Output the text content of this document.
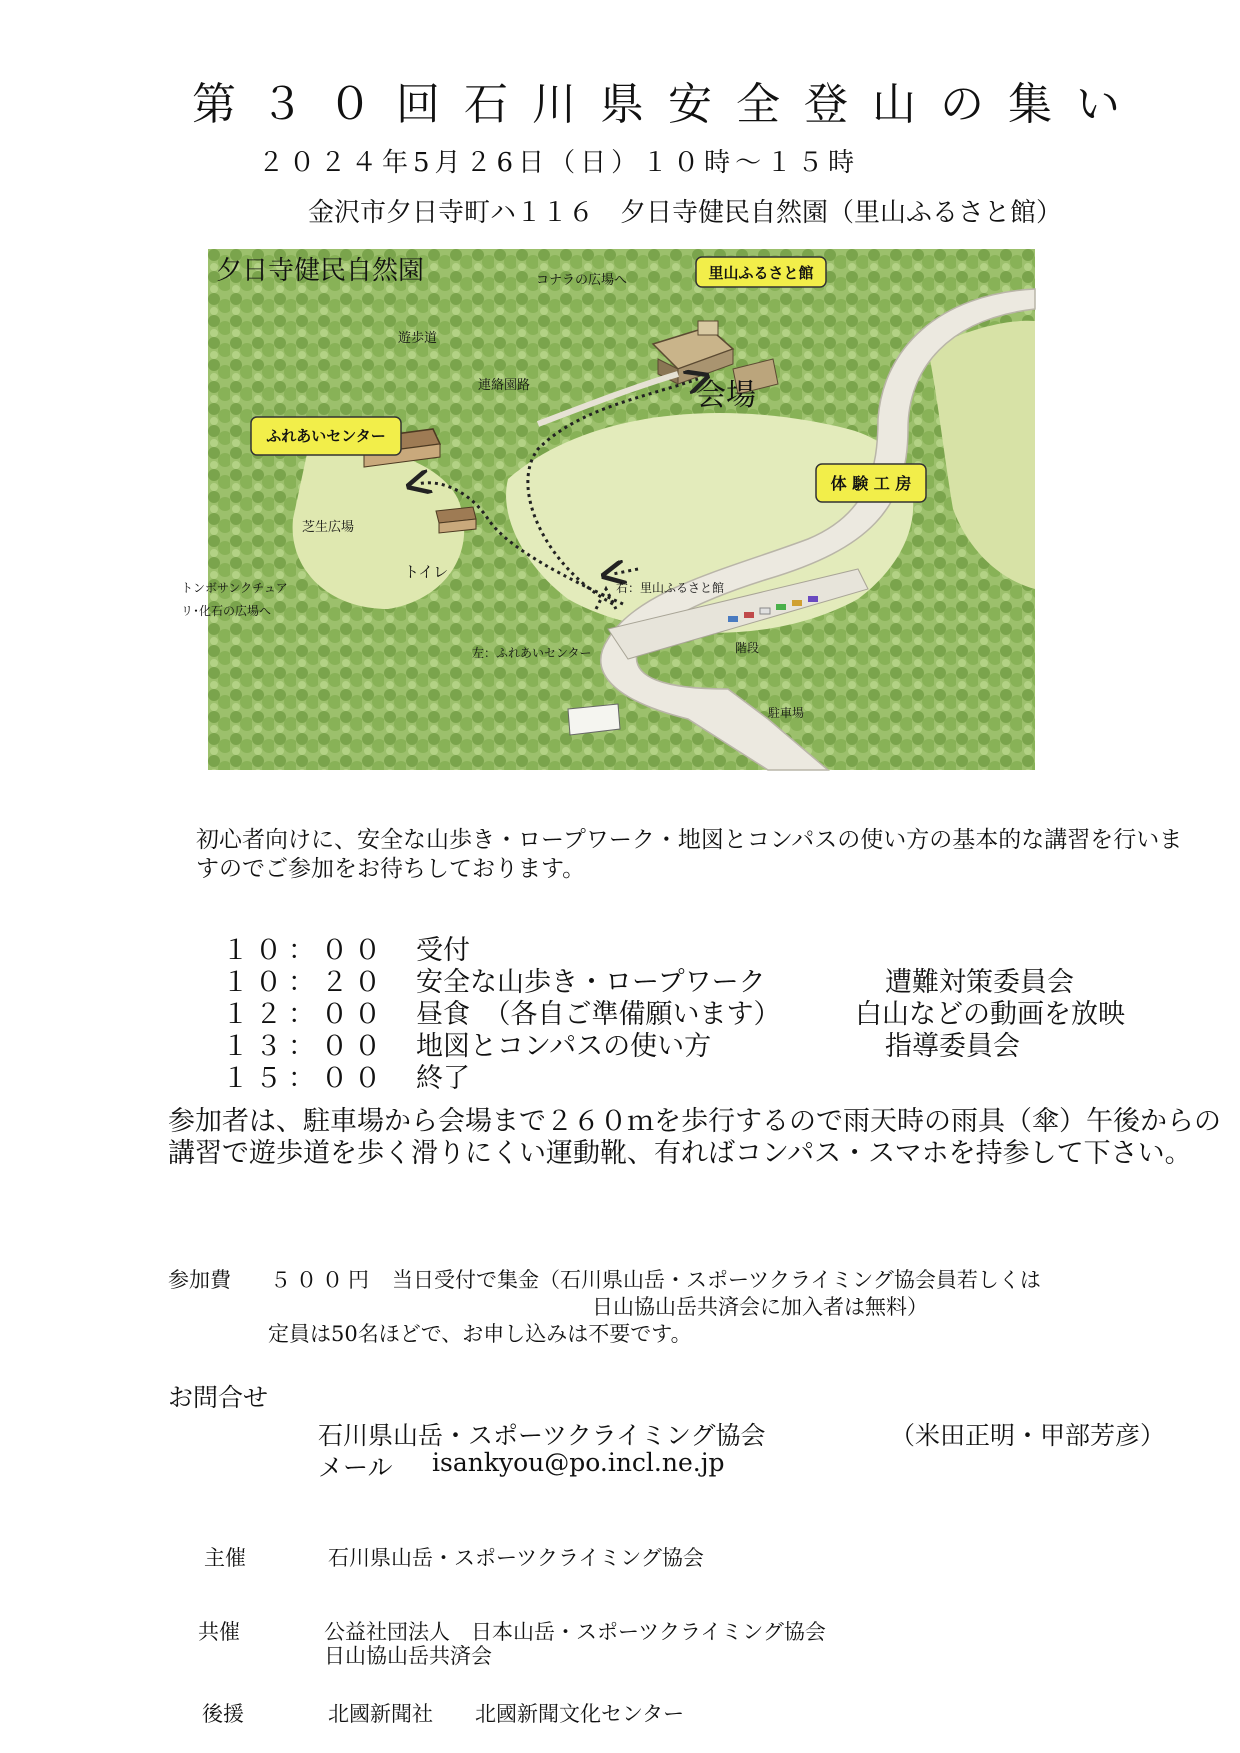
第３０回石川県安全登山の集い
２０２４年5月２6日（日）１０時～１５時
金沢市夕日寺町ハ１１６　夕日寺健民自然園（里山ふるさと館）
夕日寺健民自然園	コナラの広場へ	里山ふるさと館
遊歩道
連絡園路	会場
ふれあいセンター
体 験 工 房
芝生広場
トイレ
トンボサンクチュア
リ･化石の広場へ
右：里山ふるさと館
左：ふれあいセンター	階段
駐車場
初心者向けに、安全な山歩き・ロープワーク・地図とコンパスの使い方の基本的な講習を行いますのでご参加をお待ちしております。
１０：００ 受付
１０：２０ 安全な山歩き・ロープワーク	遭難対策委員会
１２：００ 昼食　（各自ご準備願います）	白山などの動画を放映
１３：００ 地図とコンパスの使い方	指導委員会
１５：００ 終了
参加者は、駐車場から会場まで２６０ｍを歩行するので雨天時の雨具（傘）午後からの講習で遊歩道を歩く滑りにくい運動靴、有ればコンパス・スマホを持参して下さい。
参加費 ５００円 当日受付で集金（石川県山岳・スポーツクライミング協会員若しくは
日山協山岳共済会に加入者は無料）
定員は50名ほどで、お申し込みは不要です。
お問合せ
石川県山岳・スポーツクライミング協会	（米田正明・甲部芳彦）
メール isankyou@po.incl.ne.jp
主催	石川県山岳・スポーツクライミング協会
共催	公益社団法人　日本山岳・スポーツクライミング協会
日山協山岳共済会
後援	北國新聞社　　北國新聞文化センター
